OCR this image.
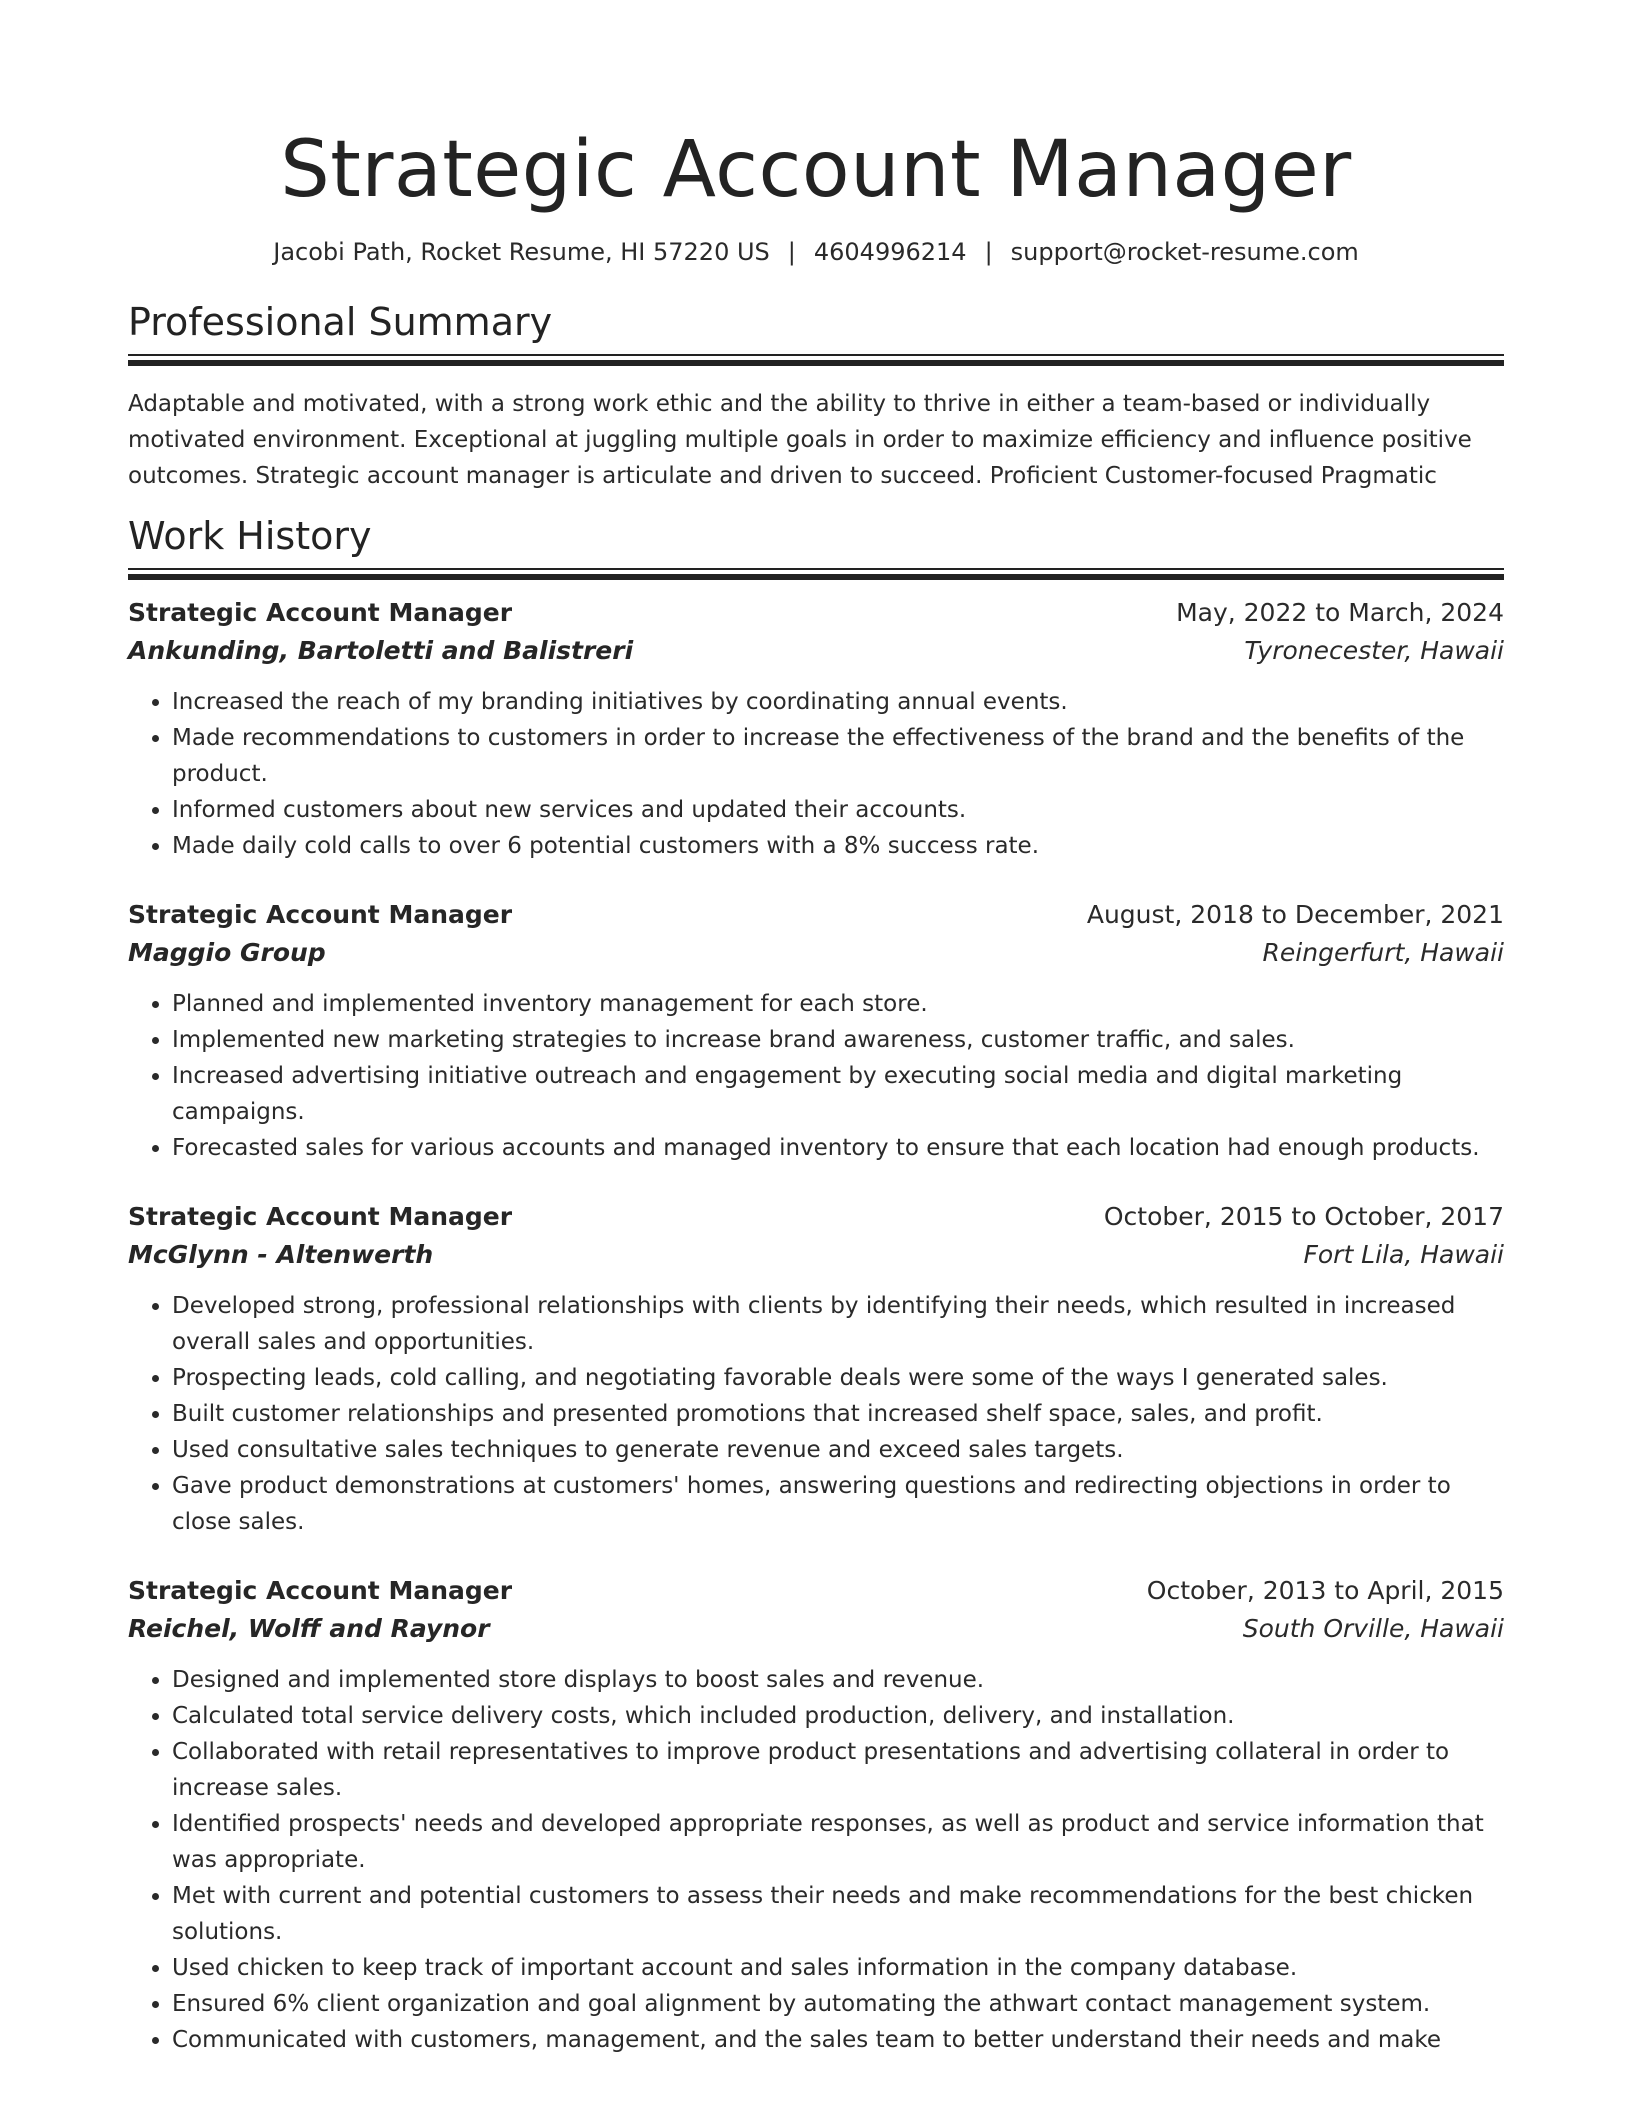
Strategic Account Manager
Jacobi Path, Rocket Resume, HI 57220 US | 4604996214 | support@rocket-resume.com
Professional Summary

Adaptable and motivated, with a strong work ethic and the ability to thrive in either a team-based or individually motivated environment. Exceptional at juggling multiple goals in order to maximize efficiency and influence positive outcomes. Strategic account manager is articulate and driven to succeed. Proficient Customer-focused Pragmatic

Work History
Strategic Account Manager	May, 2022 to March, 2024
Ankunding, Bartoletti and Balistreri	Tyronecester, Hawaii
• Increased the reach of my branding initiatives by coordinating annual events.
• Made recommendations to customers in order to increase the effectiveness of the brand and the benefits of the product.
• Informed customers about new services and updated their accounts.
• Made daily cold calls to over 6 potential customers with a 8% success rate.
Strategic Account Manager	August, 2018 to December, 2021
Maggio Group	Reingerfurt, Hawaii
• Planned and implemented inventory management for each store.
• Implemented new marketing strategies to increase brand awareness, customer traffic, and sales.
• Increased advertising initiative outreach and engagement by executing social media and digital marketing campaigns.
• Forecasted sales for various accounts and managed inventory to ensure that each location had enough products.
Strategic Account Manager	October, 2015 to October, 2017
McGlynn - Altenwerth	Fort Lila, Hawaii
• Developed strong, professional relationships with clients by identifying their needs, which resulted in increased overall sales and opportunities.
• Prospecting leads, cold calling, and negotiating favorable deals were some of the ways I generated sales.
• Built customer relationships and presented promotions that increased shelf space, sales, and profit.
• Used consultative sales techniques to generate revenue and exceed sales targets.
• Gave product demonstrations at customers' homes, answering questions and redirecting objections in order to close sales.
Strategic Account Manager	October, 2013 to April, 2015
Reichel, Wolff and Raynor	South Orville, Hawaii
• Designed and implemented store displays to boost sales and revenue.
• Calculated total service delivery costs, which included production, delivery, and installation.
• Collaborated with retail representatives to improve product presentations and advertising collateral in order to increase sales.
• Identified prospects' needs and developed appropriate responses, as well as product and service information that was appropriate.
• Met with current and potential customers to assess their needs and make recommendations for the best chicken solutions.
• Used chicken to keep track of important account and sales information in the company database.
• Ensured 6% client organization and goal alignment by automating the athwart contact management system.
• Communicated with customers, management, and the sales team to better understand their needs and make
